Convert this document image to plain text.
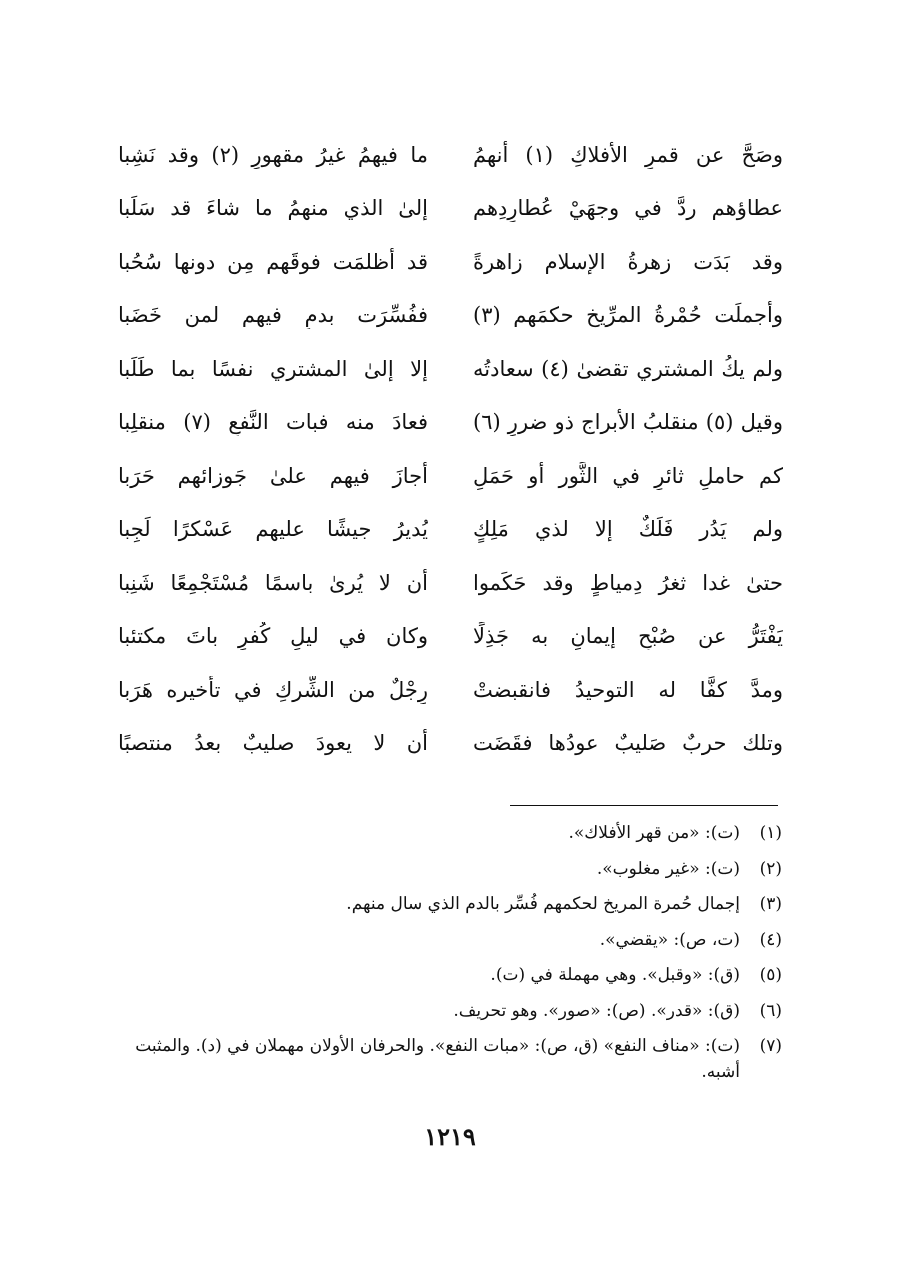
وصَحَّ عن قمرِ الأفلاكِ (١) أنهمُ
ما فيهمُ غيرُ مقهورٍ (٢) وقد نَشِبا
عطاؤهم ردَّ في وجهَيْ عُطارِدِهم
إلىٰ الذي منهمُ ما شاءَ قد سَلَبا
وقد بَدَت زهرةُ الإسلام زاهرةً
قد أظلمَت فوقَهم مِن دونها سُحُبا
وأجملَت حُمْرةُ المرِّيخ حكمَهم (٣)
ففُسِّرَت بدمٍ فيهم لمن خَضَبا
ولم يكُ المشتري تقضىٰ (٤) سعادتُه
إلا إلىٰ المشتري نفسًا بما طَلَبا
وقيل (٥) منقلبُ الأبراج ذو ضررٍ (٦)
فعادَ منه فبات النَّفعِ (٧) منقلِبا
كم حاملٍ ثائرٍ في الثَّور أو حَمَلٍ
أجازَ فيهم علىٰ جَوزائهم حَرَبا
ولم يَدُر فَلَكٌ إلا لذي مَلِكٍ
يُديرُ جيشًا عليهم عَسْكرًا لَجِبا
حتىٰ غدا ثغرُ دِمياطٍ وقد حَكَموا
أن لا يُرىٰ باسمًا مُسْتَجْمِعًا شَنِبا
يَفْتَرُّ عن صُبْحِ إيمانٍ به جَذِلًا
وكان في ليلِ كُفرٍ باتَ مكتئبا
ومدَّ كفًّا له التوحيدُ فانقبضتْ
رِجْلٌ من الشِّركِ في تأخيره هَرَبا
وتلك حربٌ صَليبٌ عودُها فقَضَت
أن لا يعودَ صليبٌ بعدُ منتصبًا
(١)
(ت): «من قهر الأفلاك».
(٢)
(ت): «غير مغلوب».
(٣)
إجمال حُمرة المريخ لحكمهم فُسِّر بالدم الذي سال منهم.
(٤)
(ت، ص): «يقضي».
(٥)
(ق): «وقبل». وهي مهملة في (ت).
(٦)
(ق): «قدر». (ص): «صور». وهو تحريف.
(٧)
(ت): «مناف النفع» (ق، ص): «مبات النفع». والحرفان الأولان مهملان في (د). والمثبت أشبه.
١٢١٩
